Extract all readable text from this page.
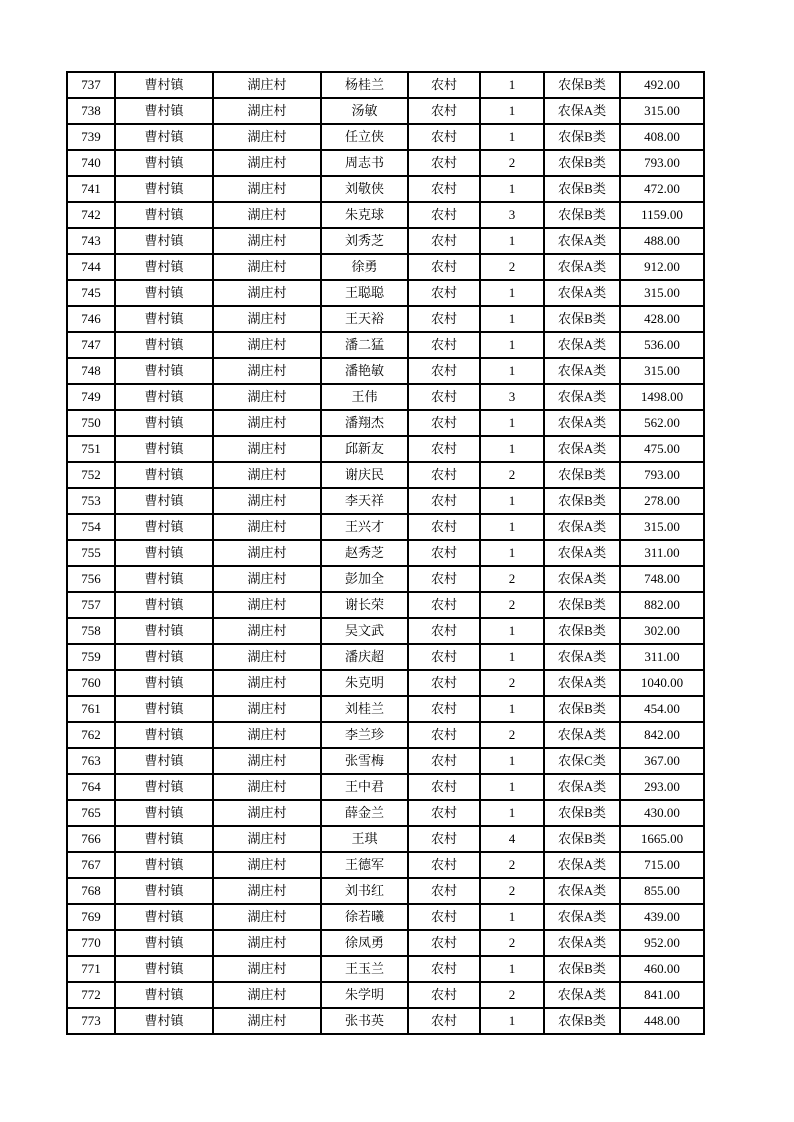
737	曹村镇	湖庄村	杨桂兰	农村	1	农保B类	492.00
738	曹村镇	湖庄村	汤敏	农村	1	农保A类	315.00
739	曹村镇	湖庄村	任立侠	农村	1	农保B类	408.00
740	曹村镇	湖庄村	周志书	农村	2	农保B类	793.00
741	曹村镇	湖庄村	刘敬侠	农村	1	农保B类	472.00
742	曹村镇	湖庄村	朱克球	农村	3	农保B类	1159.00
743	曹村镇	湖庄村	刘秀芝	农村	1	农保A类	488.00
744	曹村镇	湖庄村	徐勇	农村	2	农保A类	912.00
745	曹村镇	湖庄村	王聪聪	农村	1	农保A类	315.00
746	曹村镇	湖庄村	王天裕	农村	1	农保B类	428.00
747	曹村镇	湖庄村	潘二猛	农村	1	农保A类	536.00
748	曹村镇	湖庄村	潘艳敏	农村	1	农保A类	315.00
749	曹村镇	湖庄村	王伟	农村	3	农保A类	1498.00
750	曹村镇	湖庄村	潘翔杰	农村	1	农保A类	562.00
751	曹村镇	湖庄村	邱新友	农村	1	农保A类	475.00
752	曹村镇	湖庄村	谢庆民	农村	2	农保B类	793.00
753	曹村镇	湖庄村	李天祥	农村	1	农保B类	278.00
754	曹村镇	湖庄村	王兴才	农村	1	农保A类	315.00
755	曹村镇	湖庄村	赵秀芝	农村	1	农保A类	311.00
756	曹村镇	湖庄村	彭加全	农村	2	农保A类	748.00
757	曹村镇	湖庄村	谢长荣	农村	2	农保B类	882.00
758	曹村镇	湖庄村	吴文武	农村	1	农保B类	302.00
759	曹村镇	湖庄村	潘庆超	农村	1	农保A类	311.00
760	曹村镇	湖庄村	朱克明	农村	2	农保A类	1040.00
761	曹村镇	湖庄村	刘桂兰	农村	1	农保B类	454.00
762	曹村镇	湖庄村	李兰珍	农村	2	农保A类	842.00
763	曹村镇	湖庄村	张雪梅	农村	1	农保C类	367.00
764	曹村镇	湖庄村	王中君	农村	1	农保A类	293.00
765	曹村镇	湖庄村	薛金兰	农村	1	农保B类	430.00
766	曹村镇	湖庄村	王琪	农村	4	农保B类	1665.00
767	曹村镇	湖庄村	王德军	农村	2	农保A类	715.00
768	曹村镇	湖庄村	刘书红	农村	2	农保A类	855.00
769	曹村镇	湖庄村	徐若曦	农村	1	农保A类	439.00
770	曹村镇	湖庄村	徐凤勇	农村	2	农保A类	952.00
771	曹村镇	湖庄村	王玉兰	农村	1	农保B类	460.00
772	曹村镇	湖庄村	朱学明	农村	2	农保A类	841.00
773	曹村镇	湖庄村	张书英	农村	1	农保B类	448.00
